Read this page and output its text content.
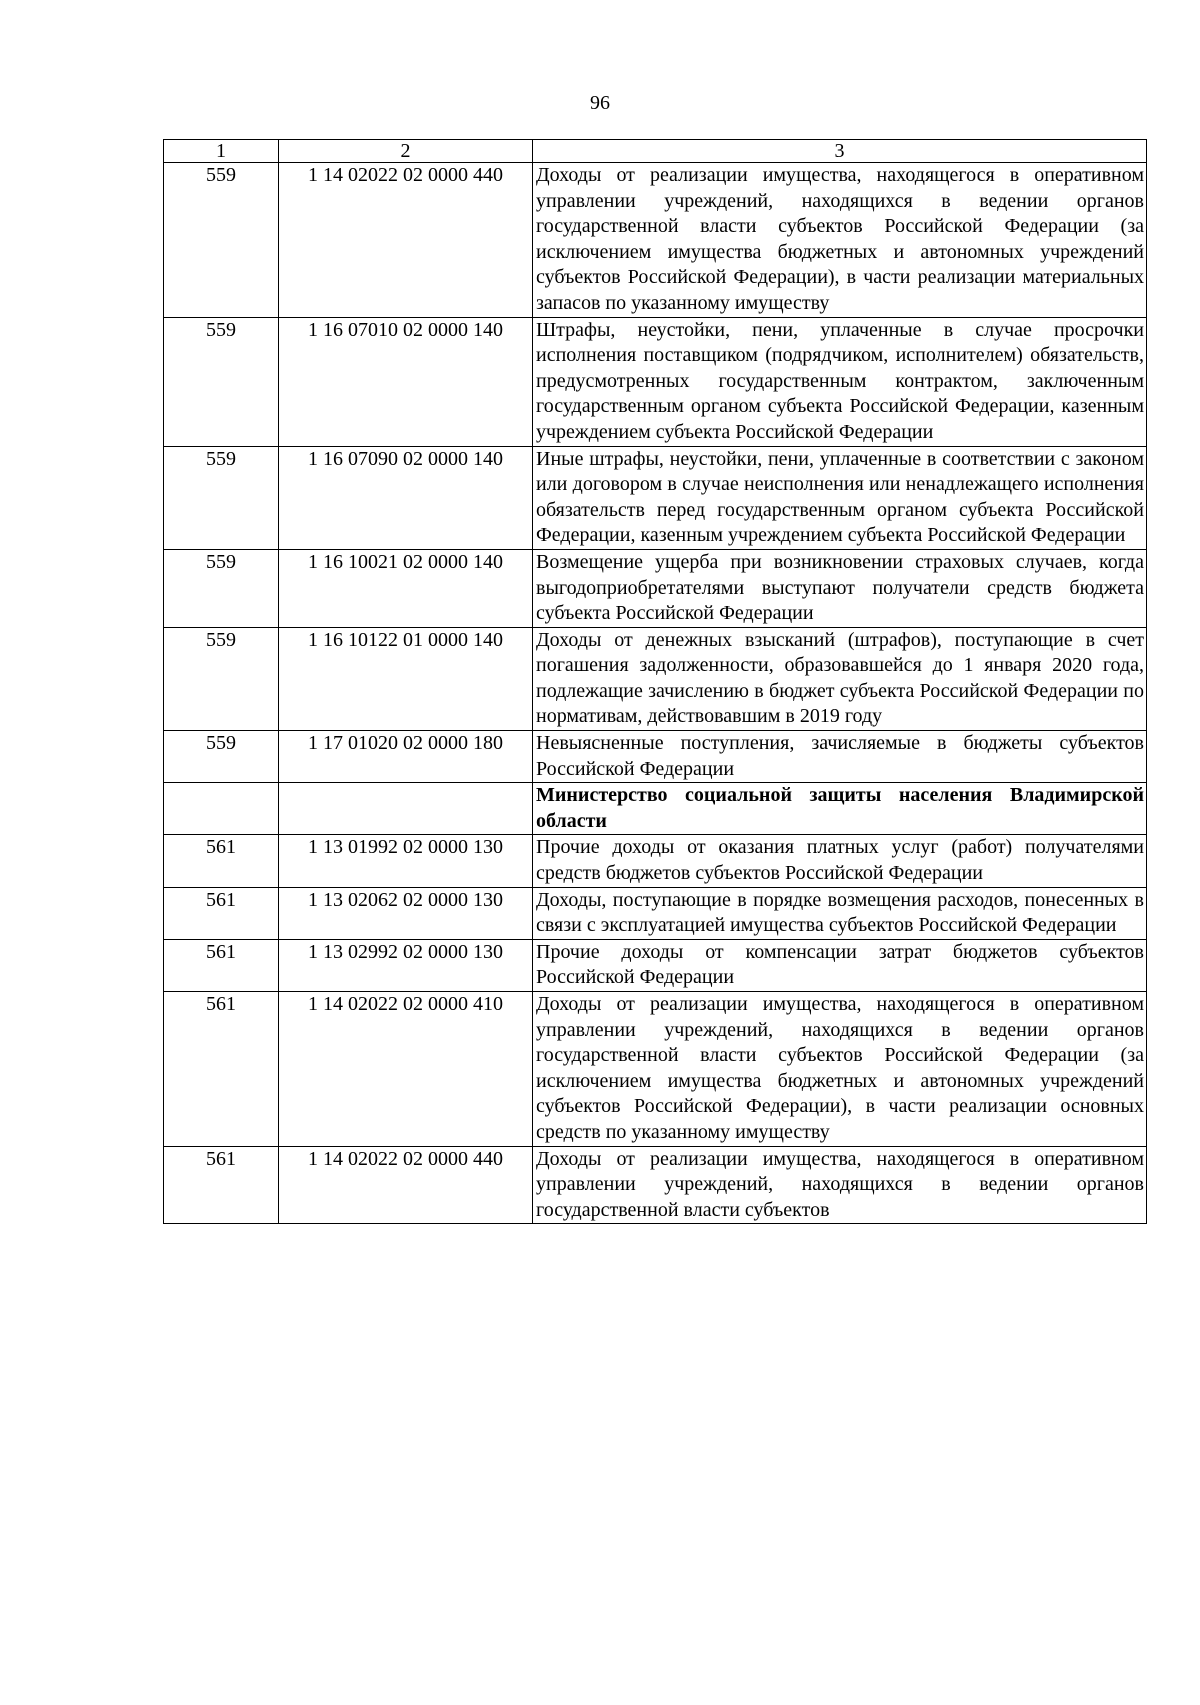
96
1	2	3
559	1 14 02022 02 0000 440	Доходы от реализации имущества, находящегося в оперативном управлении учреждений, находящихся в ведении органов государственной власти субъектов Российской Федерации (за исключением имущества бюджетных и автономных учреждений субъектов Российской Федерации), в части реализации материальных запасов по указанному имуществу
559	1 16 07010 02 0000 140	Штрафы, неустойки, пени, уплаченные в случае просрочки исполнения поставщиком (подрядчиком, исполнителем) обязательств, предусмотренных государственным контрактом, заключенным государственным органом субъекта Российской Федерации, казенным учреждением субъекта Российской Федерации
559	1 16 07090 02 0000 140	Иные штрафы, неустойки, пени, уплаченные в соответствии с законом или договором в случае неисполнения или ненадлежащего исполнения обязательств перед государственным органом субъекта Российской Федерации, казенным учреждением субъекта Российской Федерации
559	1 16 10021 02 0000 140	Возмещение ущерба при возникновении страховых случаев, когда выгодоприобретателями выступают получатели средств бюджета субъекта Российской Федерации
559	1 16 10122 01 0000 140	Доходы от денежных взысканий (штрафов), поступающие в счет погашения задолженности, образовавшейся до 1 января 2020 года, подлежащие зачислению в бюджет субъекта Российской Федерации по нормативам, действовавшим в 2019 году
559	1 17 01020 02 0000 180	Невыясненные поступления, зачисляемые в бюджеты субъектов Российской Федерации
		Министерство социальной защиты населения Владимирской области
561	1 13 01992 02 0000 130	Прочие доходы от оказания платных услуг (работ) получателями средств бюджетов субъектов Российской Федерации
561	1 13 02062 02 0000 130	Доходы, поступающие в порядке возмещения расходов, понесенных в связи с эксплуатацией имущества субъектов Российской Федерации
561	1 13 02992 02 0000 130	Прочие доходы от компенсации затрат бюджетов субъектов Российской Федерации
561	1 14 02022 02 0000 410	Доходы от реализации имущества, находящегося в оперативном управлении учреждений, находящихся в ведении органов государственной власти субъектов Российской Федерации (за исключением имущества бюджетных и автономных учреждений субъектов Российской Федерации), в части реализации основных средств по указанному имуществу
561	1 14 02022 02 0000 440	Доходы от реализации имущества, находящегося в оперативном управлении учреждений, находящихся в ведении органов государственной власти субъектов
